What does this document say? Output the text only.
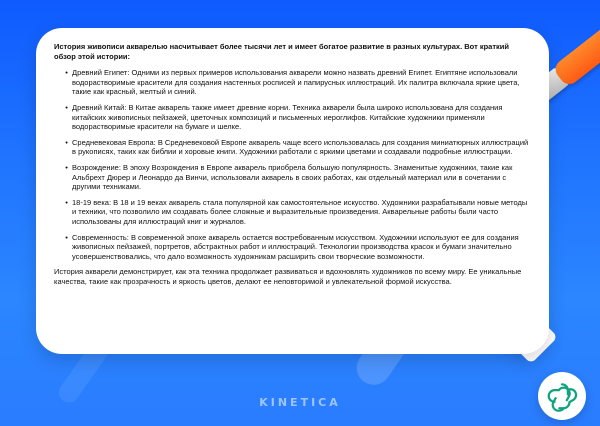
История живописи акварелью насчитывает более тысячи лет и имеет богатое развитие в разных культурах. Вот краткий обзор этой истории:
• Древний Египет: Одними из первых примеров использования акварели можно назвать древний Египет. Египтяне использовали водорастворимые красители для создания настенных росписей и папирусных иллюстраций. Их палитра включала яркие цвета, такие как красный, желтый и синий.
• Древний Китай: В Китае акварель также имеет древние корни. Техника акварели была широко использована для создания китайских живописных пейзажей, цветочных композиций и письменных иероглифов. Китайские художники применяли водорастворимые красители на бумаге и шелке.
• Средневековая Европа: В Средневековой Европе акварель чаще всего использовалась для создания миниатюрных иллюстраций в рукописях, таких как библии и хоровые книги. Художники работали с яркими цветами и создавали подробные иллюстрации.
• Возрождение: В эпоху Возрождения в Европе акварель приобрела большую популярность. Знаменитые художники, такие как Альбрехт Дюрер и Леонардо да Винчи, использовали акварель в своих работах, как отдельный материал или в сочетании с другими техниками.
• 18-19 века: В 18 и 19 веках акварель стала популярной как самостоятельное искусство. Художники разрабатывали новые методы и техники, что позволило им создавать более сложные и выразительные произведения. Акварельные работы были часто использованы для иллюстраций книг и журналов.
• Современность: В современной эпохе акварель остается востребованным искусством. Художники используют ее для создания живописных пейзажей, портретов, абстрактных работ и иллюстраций. Технологии производства красок и бумаги значительно усовершенствовались, что дало возможность художникам расширить свои творческие возможности.
История акварели демонстрирует, как эта техника продолжает развиваться и вдохновлять художников по всему миру. Ее уникальные качества, такие как прозрачность и яркость цветов, делают ее неповторимой и увлекательной формой искусства.
KINETICA
